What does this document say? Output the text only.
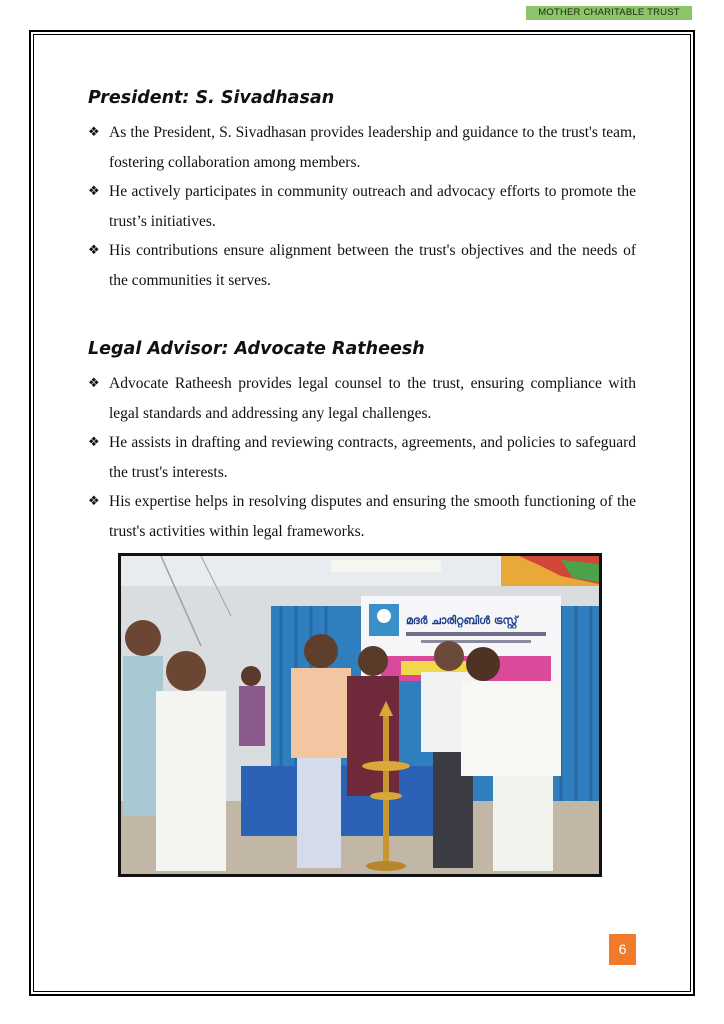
MOTHER CHARITABLE TRUST
President: S. Sivadhasan
❖ As the President, S. Sivadhasan provides leadership and guidance to the trust's team, fostering collaboration among members.
❖ He actively participates in community outreach and advocacy efforts to promote the trust’s initiatives.
❖ His contributions ensure alignment between the trust's objectives and the needs of the communities it serves.
Legal Advisor: Advocate Ratheesh
❖ Advocate Ratheesh provides legal counsel to the trust, ensuring compliance with legal standards and addressing any legal challenges.
❖ He assists in drafting and reviewing contracts, agreements, and policies to safeguard the trust's interests.
❖ His expertise helps in resolving disputes and ensuring the smooth functioning of the trust's activities within legal frameworks.
മദർ ചാരിറ്റബിൾ ട്രസ്റ്റ്
6
